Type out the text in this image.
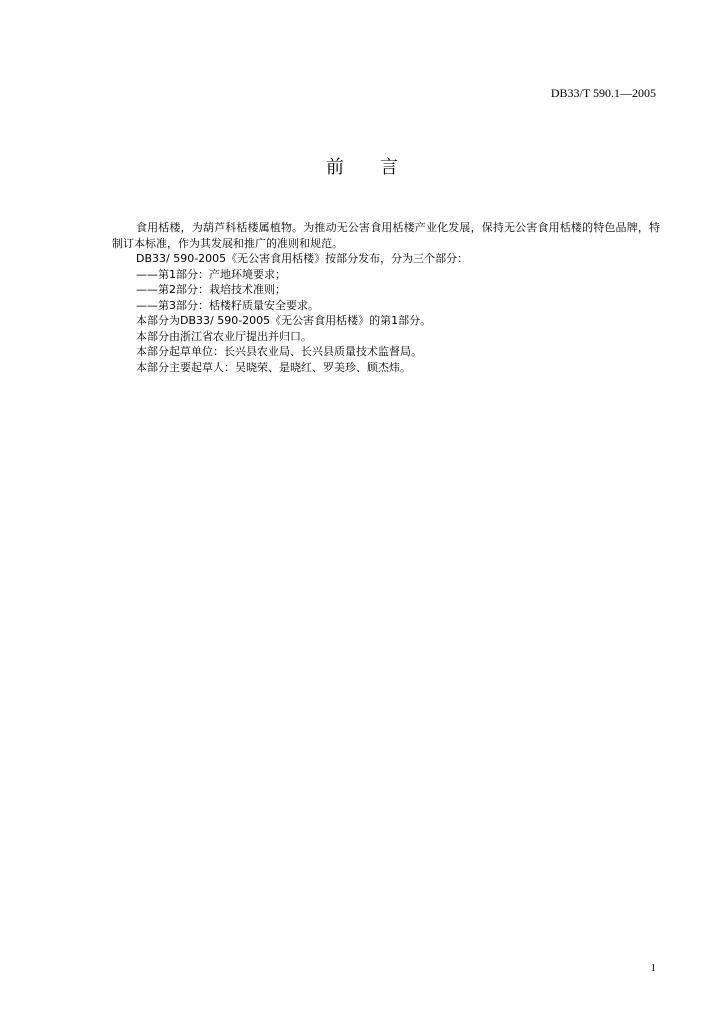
DB33/T 590.1—2005
前言

食用栝楼，为葫芦科栝楼属植物。为推动无公害食用栝楼产业化发展，保持无公害食用栝楼的特色品牌，特制订本标准，作为其发展和推广的准则和规范。

DB33/ 590-2005《无公害食用栝楼》按部分发布，分为三个部分：

——第1部分：产地环境要求；

——第2部分：栽培技术准则；

——第3部分：栝楼籽质量安全要求。

本部分为DB33/ 590-2005《无公害食用栝楼》的第1部分。

本部分由浙江省农业厅提出并归口。

本部分起草单位：长兴县农业局、长兴县质量技术监督局。

本部分主要起草人：吴晓荣、是晓红、罗美珍、顾杰炜。

1
